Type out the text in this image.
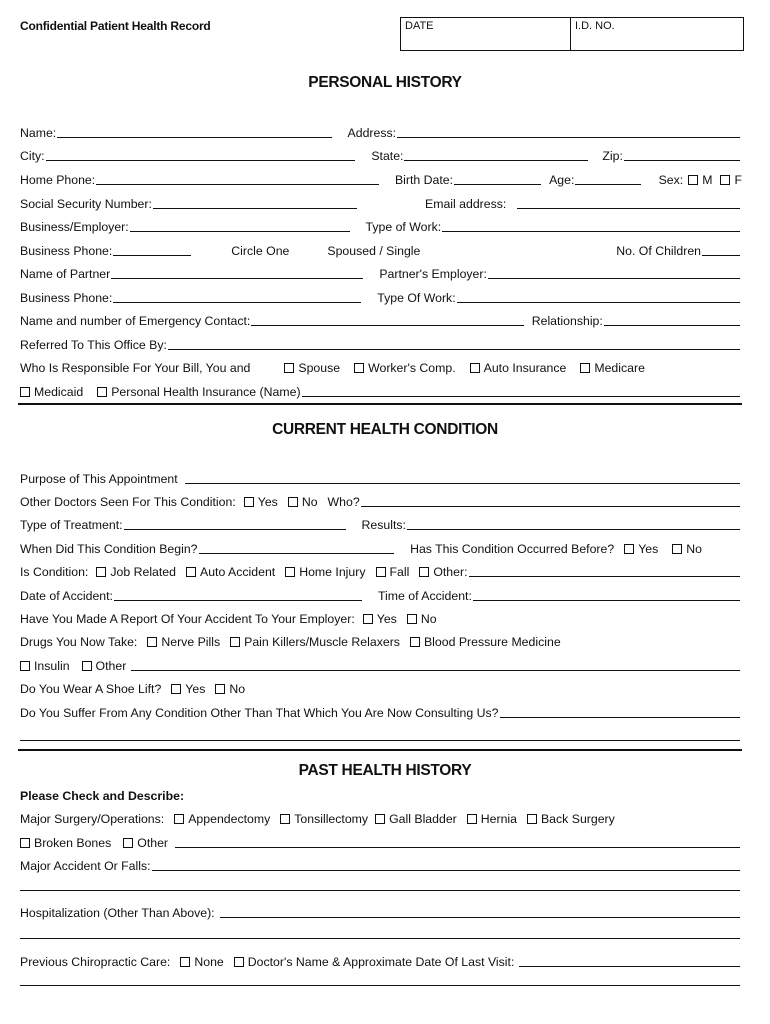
Confidential Patient Health Record	DATE	I.D. NO.
PERSONAL HISTORY
Name:	Address:
City:	State:	Zip:
Home Phone:	Birth Date:	Age:	Sex: M F
Social Security Number:	Email address:
Business/Employer:	Type of Work:
Business Phone:	Circle One	Spoused / Single	No. Of Children
Name of Partner	Partner's Employer:
Business Phone:	Type Of Work:
Name and number of Emergency Contact:	Relationship:
Referred To This Office By:
Who Is Responsible For Your Bill, You and	Spouse Worker's Comp. Auto Insurance Medicare
Medicaid Personal Health Insurance (Name)
CURRENT HEALTH CONDITION
Purpose of This Appointment
Other Doctors Seen For This Condition: Yes No Who?
Type of Treatment:	Results:
When Did This Condition Begin?	Has This Condition Occurred Before? Yes No
Is Condition: Job Related Auto Accident Home Injury Fall Other:
Date of Accident:	Time of Accident:
Have You Made A Report Of Your Accident To Your Employer: Yes No
Drugs You Now Take: Nerve Pills Pain Killers/Muscle Relaxers Blood Pressure Medicine
Insulin Other
Do You Wear A Shoe Lift? Yes No
Do You Suffer From Any Condition Other Than That Which You Are Now Consulting Us?
PAST HEALTH HISTORY
Please Check and Describe:
Major Surgery/Operations: Appendectomy Tonsillectomy Gall Bladder Hernia Back Surgery
Broken Bones Other
Major Accident Or Falls:
Hospitalization (Other Than Above):
Previous Chiropractic Care: None Doctor's Name & Approximate Date Of Last Visit:
